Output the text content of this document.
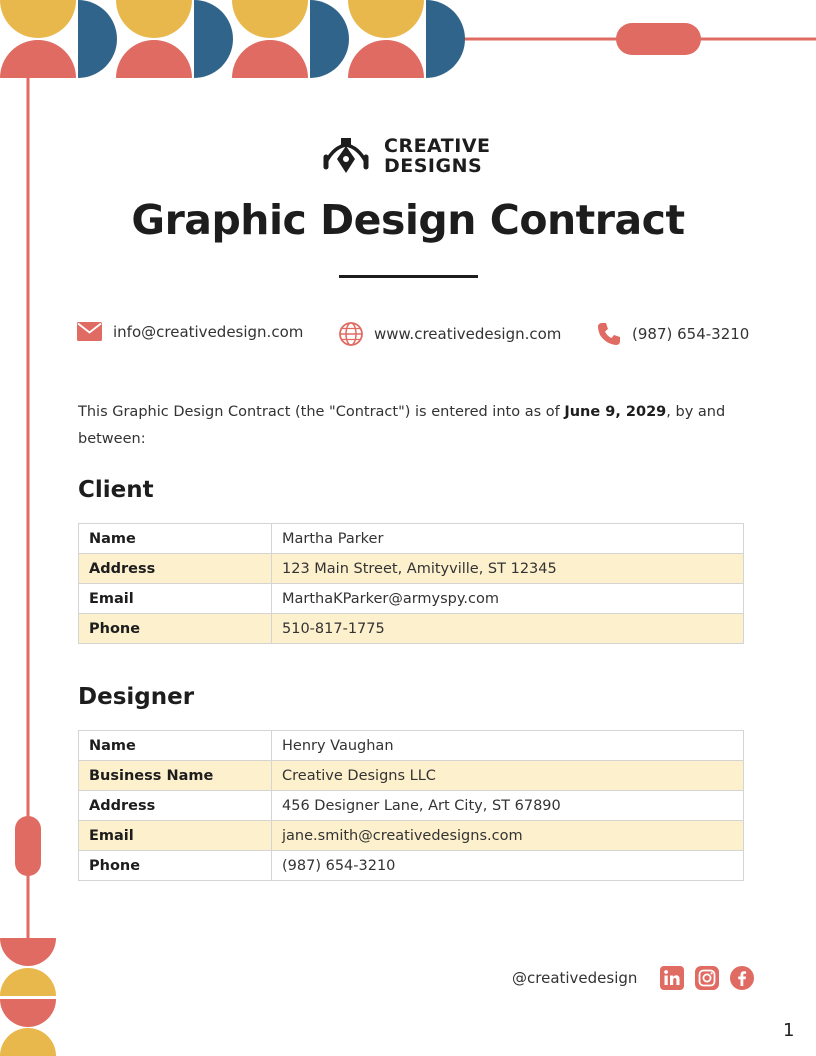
CREATIVE
DESIGNS
Graphic Design Contract
info@creativedesign.com	www.creativedesign.com	(987) 654-3210

This Graphic Design Contract (the "Contract") is entered into as of June 9, 2029, by and between:

Client
Name	Martha Parker
Address	123 Main Street, Amityville, ST 12345
Email	MarthaKParker@armyspy.com
Phone	510-817-1775
Designer
Name	Henry Vaughan
Business Name	Creative Designs LLC
Address	456 Designer Lane, Art City, ST 67890
Email	jane.smith@creativedesigns.com
Phone	(987) 654-3210
@creativedesign
1
